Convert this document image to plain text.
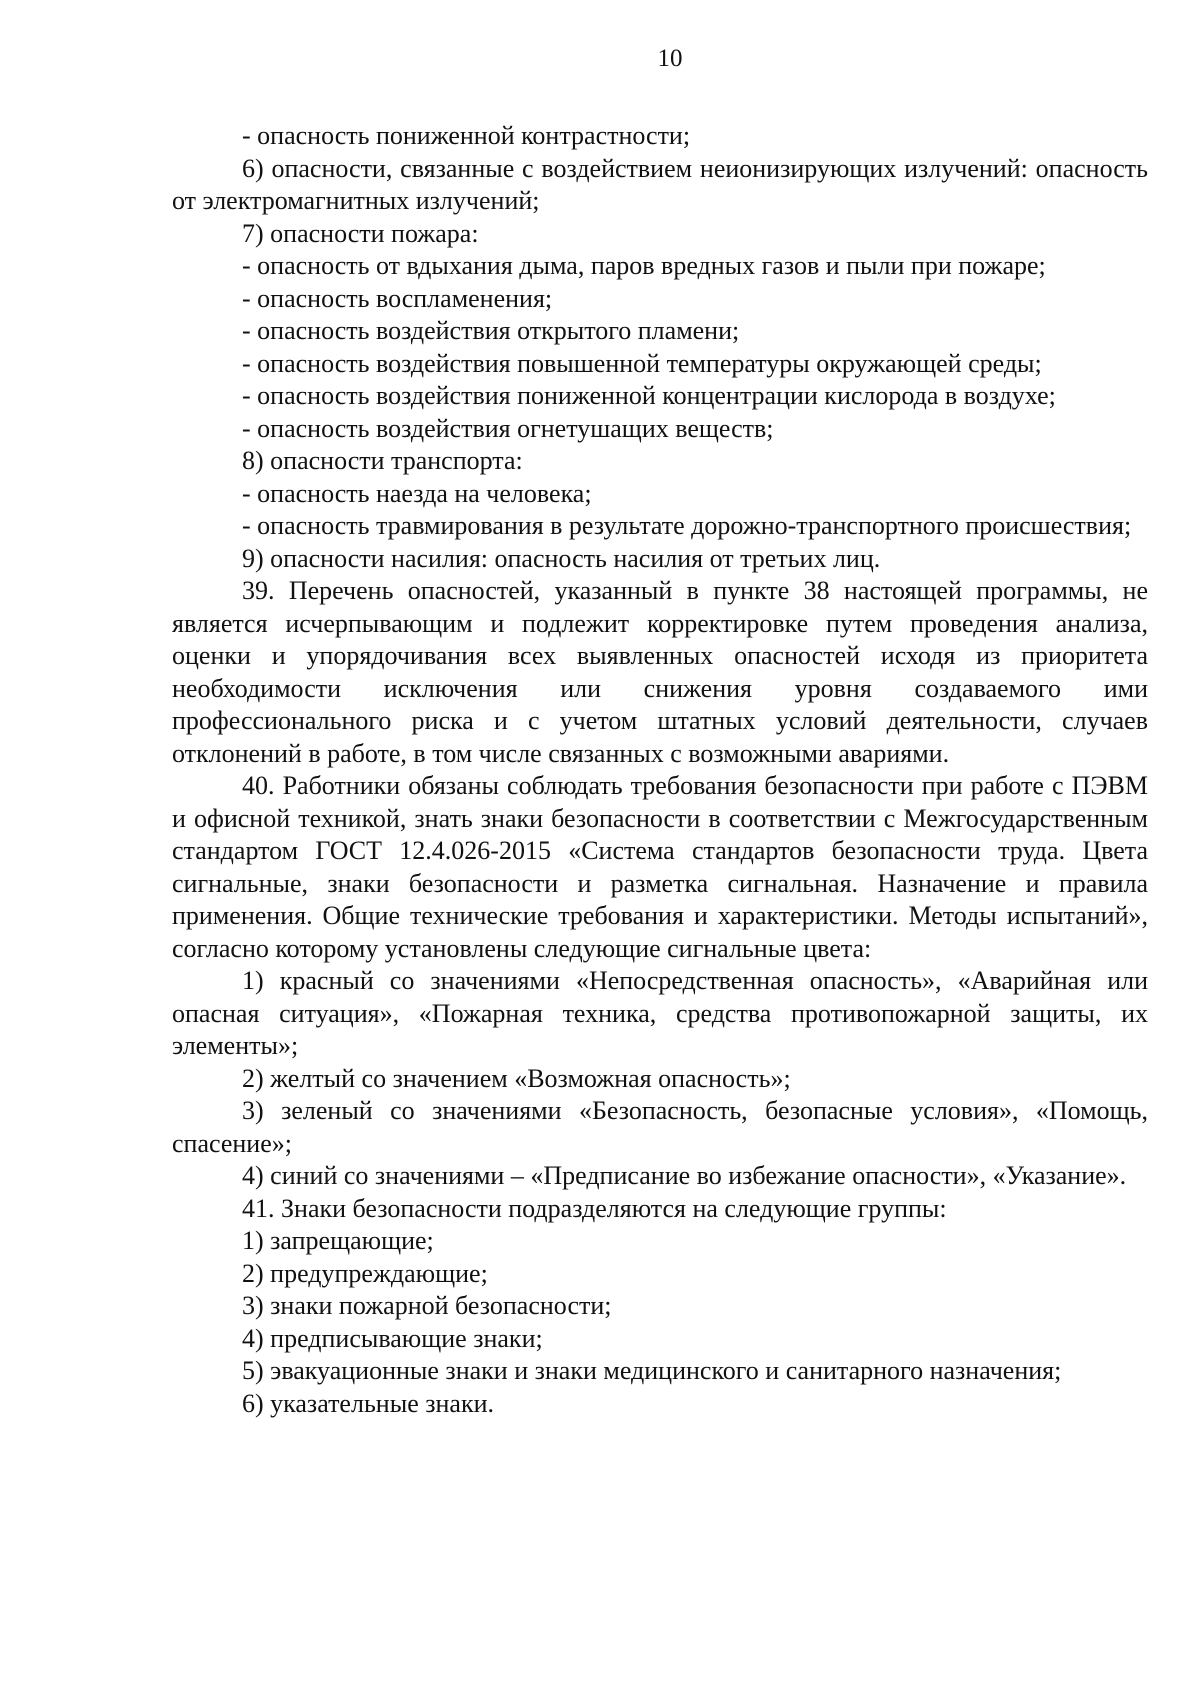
10

- опасность пониженной контрастности;

6) опасности, связанные с воздействием неионизирующих излучений: опасность от электромагнитных излучений;

7) опасности пожара:

- опасность от вдыхания дыма, паров вредных газов и пыли при пожаре;

- опасность воспламенения;

- опасность воздействия открытого пламени;

- опасность воздействия повышенной температуры окружающей среды;

- опасность воздействия пониженной концентрации кислорода в воздухе;

- опасность воздействия огнетушащих веществ;

8) опасности транспорта:

- опасность наезда на человека;

- опасность травмирования в результате дорожно-транспортного происшествия;

9) опасности насилия: опасность насилия от третьих лиц.

39. Перечень опасностей, указанный в пункте 38 настоящей программы, не является исчерпывающим и подлежит корректировке путем проведения анализа, оценки и упорядочивания всех выявленных опасностей исходя из приоритета необходимости исключения или снижения уровня создаваемого ими профессионального риска и с учетом штатных условий деятельности, случаев отклонений в работе, в том числе связанных с возможными авариями.

40. Работники обязаны соблюдать требования безопасности при работе с ПЭВМ и офисной техникой, знать знаки безопасности в соответствии с Межгосударственным стандартом ГОСТ 12.4.026-2015 «Система стандартов безопасности труда. Цвета сигнальные, знаки безопасности и разметка сигнальная. Назначение и правила применения. Общие технические требования и характеристики. Методы испытаний», согласно которому установлены следующие сигнальные цвета:

1) красный со значениями «Непосредственная опасность», «Аварийная или опасная ситуация», «Пожарная техника, средства противопожарной защиты, их элементы»;

2) желтый со значением «Возможная опасность»;

3) зеленый со значениями «Безопасность, безопасные условия», «Помощь, спасение»;

4) синий со значениями – «Предписание во избежание опасности», «Указание».

41. Знаки безопасности подразделяются на следующие группы:

1) запрещающие;

2) предупреждающие;

3) знаки пожарной безопасности;

4) предписывающие знаки;

5) эвакуационные знаки и знаки медицинского и санитарного назначения;

6) указательные знаки.
